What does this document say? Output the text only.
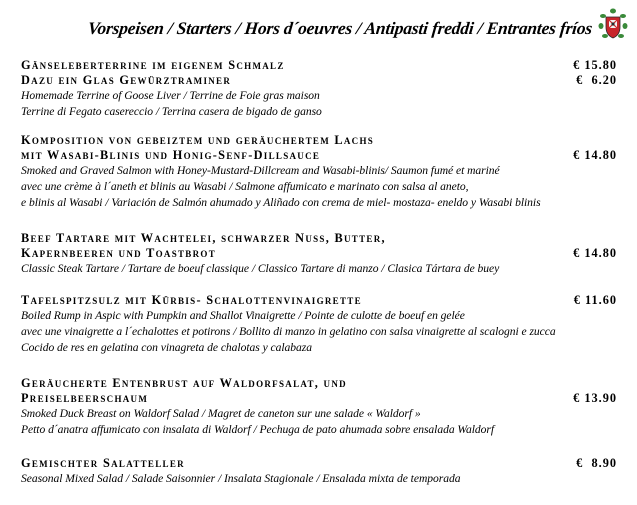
Vorspeisen / Starters / Hors d´oeuvres / Antipasti freddi / Entrantes fríos
Gänseleberterrine im eigenem Schmalz	€ 15.80
Dazu ein Glas Gewürztraminer	€  6.20
Homemade Terrine of Goose Liver / Terrine de Foie gras maison
Terrine di Fegato casereccio / Terrina casera de bigado de ganso
Komposition von gebeiztem und geräuchertem Lachs
mit Wasabi-Blinis und Honig-Senf-Dillsauce	€ 14.80
Smoked and Graved Salmon with Honey-Mustard-Dillcream and Wasabi-blinis/ Saumon fumé et mariné
avec une crème à l´aneth et blinis au Wasabi / Salmone affumicato e marinato con salsa al aneto,
e blinis al Wasabi / Variación de Salmón ahumado y Aliñado con crema de miel- mostaza- eneldo y Wasabi blinis
Beef Tartare mit Wachtelei, schwarzer Nuss, Butter,
Kapernbeeren und Toastbrot	€ 14.80
Classic Steak Tartare / Tartare de boeuf classique / Classico Tartare di manzo / Clasica Tártara de buey
Tafelspitzsulz mit Kürbis- Schalottenvinaigrette	€ 11.60
Boiled Rump in Aspic with Pumpkin and Shallot Vinaigrette / Pointe de culotte de boeuf en gelée
avec une vinaigrette a l´echalottes et potirons / Bollito di manzo in gelatino con salsa vinaigrette al scalogni e zucca
Cocido de res en gelatina con vinagreta de chalotas y calabaza
Geräucherte Entenbrust auf Waldorfsalat, und
Preiselbeerschaum	€ 13.90
Smoked Duck Breast on Waldorf Salad / Magret de caneton sur une salade « Waldorf »
Petto d´anatra affumicato con insalata di Waldorf / Pechuga de pato ahumada sobre ensalada Waldorf
Gemischter Salatteller	€  8.90
Seasonal Mixed Salad / Salade Saisonnier / Insalata Stagionale / Ensalada mixta de temporada
